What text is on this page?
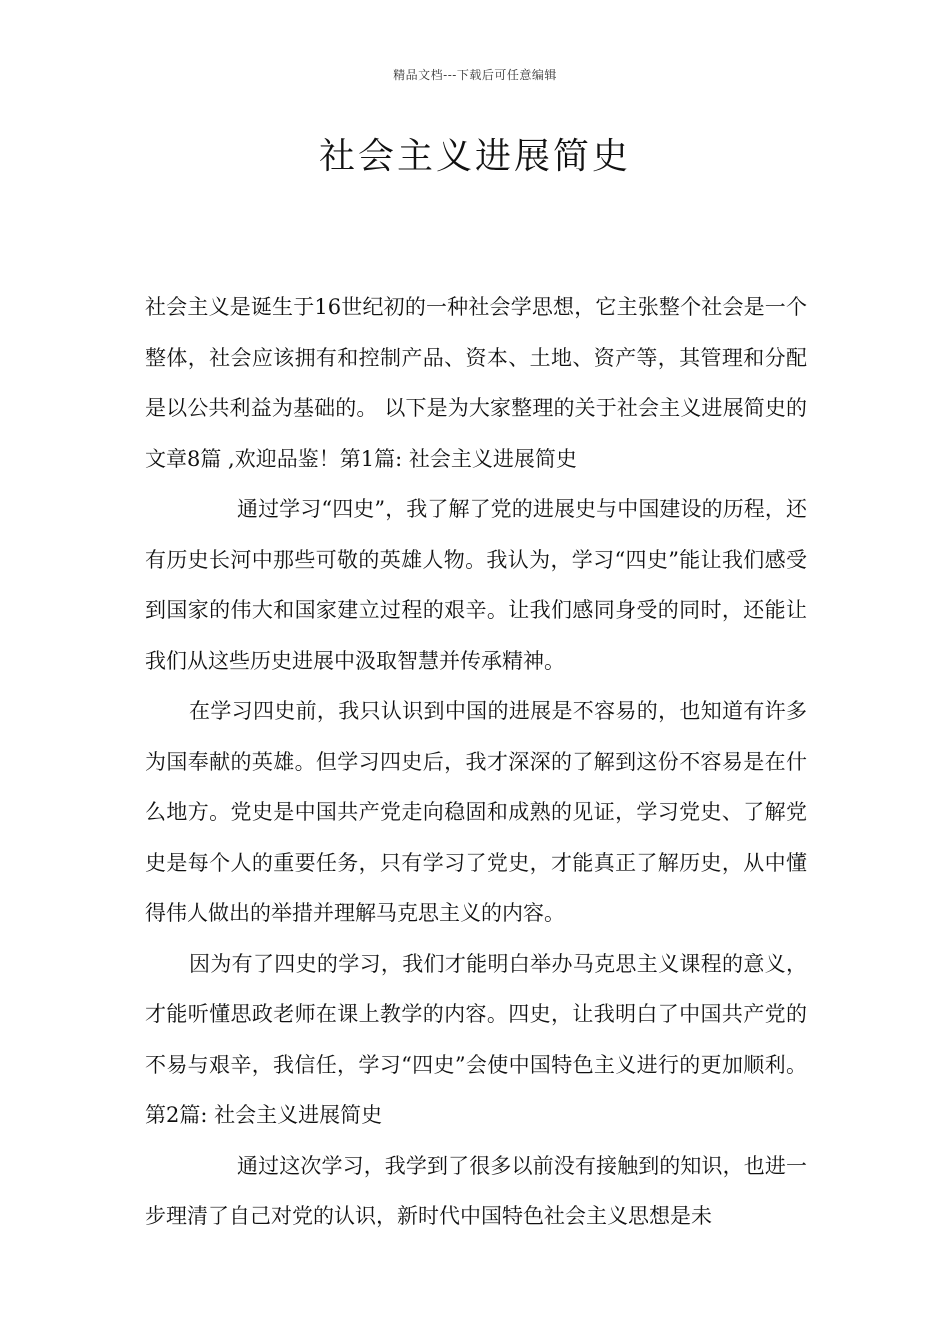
精品文档---下载后可任意编辑
社会主义进展简史

社会主义是诞生于16世纪初的一种社会学思想，它主张整个社会是一个整体，社会应该拥有和控制产品、资本、土地、资产等，其管理和分配是以公共利益为基础的。 以下是为大家整理的关于社会主义进展简史的文章8篇 ,欢迎品鉴！第1篇: 社会主义进展简史

通过学习“四史”，我了解了党的进展史与中国建设的历程，还有历史长河中那些可敬的英雄人物。我认为，学习“四史”能让我们感受到国家的伟大和国家建立过程的艰辛。让我们感同身受的同时，还能让我们从这些历史进展中汲取智慧并传承精神。

在学习四史前，我只认识到中国的进展是不容易的，也知道有许多为国奉献的英雄。但学习四史后，我才深深的了解到这份不容易是在什么地方。党史是中国共产党走向稳固和成熟的见证，学习党史、了解党史是每个人的重要任务，只有学习了党史，才能真正了解历史，从中懂得伟人做出的举措并理解马克思主义的内容。

因为有了四史的学习，我们才能明白举办马克思主义课程的意义，才能听懂思政老师在课上教学的内容。四史，让我明白了中国共产党的不易与艰辛，我信任，学习“四史”会使中国特色主义进行的更加顺利。第2篇: 社会主义进展简史

通过这次学习，我学到了很多以前没有接触到的知识，也进一步理清了自己对党的认识，新时代中国特色社会主义思想是未
